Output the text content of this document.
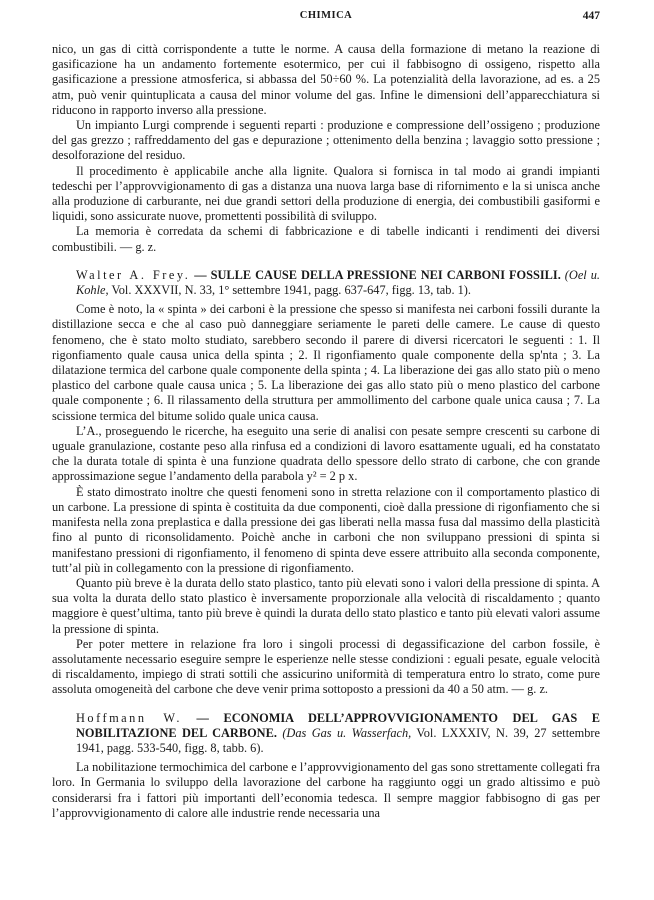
CHIMICA	447

nico, un gas di città corrispondente a tutte le norme. A causa della formazione di metano la reazione di gasificazione ha un andamento fortemente esotermico, per cui il fabbisogno di ossigeno, rispetto alla gasificazione a pressione atmosferica, si abbassa del 50÷60 %. La potenzialità della lavorazione, ad es. a 25 atm, può venir quintuplicata a causa del minor volume del gas. Infine le dimensioni dell’apparecchiatura si riducono in rapporto inverso alla pressione.

Un impianto Lurgi comprende i seguenti reparti : produzione e compressione dell’ossigeno ; produzione del gas grezzo ; raffreddamento del gas e depurazione ; ottenimento della benzina ; lavaggio sotto pressione ; desolforazione del residuo.

Il procedimento è applicabile anche alla lignite. Qualora si fornisca in tal modo ai grandi impianti tedeschi per l’approvvigionamento di gas a distanza una nuova larga base di rifornimento e la si unisca anche alla produzione di carburante, nei due grandi settori della produzione di energia, dei combustibili gasiformi e liquidi, sono assicurate nuove, promettenti possibilità di sviluppo.

La memoria è corredata da schemi di fabbricazione e di tabelle indicanti i rendimenti dei diversi combustibili. — g. z.

Walter A. Frey. — SULLE CAUSE DELLA PRESSIONE NEI CARBONI FOSSILI. (Oel u. Kohle, Vol. XXXVII, N. 33, 1° settembre 1941, pagg. 637-647, figg. 13, tab. 1).

Come è noto, la « spinta » dei carboni è la pressione che spesso si manifesta nei carboni fossili durante la distillazione secca e che al caso può danneggiare seriamente le pareti delle camere. Le cause di questo fenomeno, che è stato molto studiato, sarebbero secondo il parere di diversi ricercatori le seguenti : 1. Il rigonfiamento quale causa unica della spinta ; 2. Il rigonfiamento quale componente della sp'nta ; 3. La dilatazione termica del carbone quale componente della spinta ; 4. La liberazione dei gas allo stato più o meno plastico del carbone quale causa unica ; 5. La liberazione dei gas allo stato più o meno plastico del carbone quale componente ; 6. Il rilassamento della struttura per ammollimento del carbone quale unica causa ; 7. La scissione termica del bitume solido quale unica causa.

L’A., proseguendo le ricerche, ha eseguito una serie di analisi con pesate sempre crescenti su carbone di uguale granulazione, costante peso alla rinfusa ed a condizioni di lavoro esattamente uguali, ed ha constatato che la durata totale di spinta è una funzione quadrata dello spessore dello strato di carbone, che con grande approssimazione segue l’andamento della parabola y² = 2 p x.

È stato dimostrato inoltre che questi fenomeni sono in stretta relazione con il comportamento plastico di un carbone. La pressione di spinta è costituita da due componenti, cioè dalla pressione di rigonfiamento che si manifesta nella zona preplastica e dalla pressione dei gas liberati nella massa fusa dal massimo della plasticità fino al punto di riconsolidamento. Poichè anche in carboni che non sviluppano pressioni di spinta si manifestano pressioni di rigonfiamento, il fenomeno di spinta deve essere attribuito alla seconda componente, tutt’al più in collegamento con la pressione di rigonfiamento.

Quanto più breve è la durata dello stato plastico, tanto più elevati sono i valori della pressione di spinta. A sua volta la durata dello stato plastico è inversamente proporzionale alla velocità di riscaldamento ; quanto maggiore è quest’ultima, tanto più breve è quindi la durata dello stato plastico e tanto più elevati valori assume la pressione di spinta.

Per poter mettere in relazione fra loro i singoli processi di degassificazione del carbon fossile, è assolutamente necessario eseguire sempre le esperienze nelle stesse condizioni : eguali pesate, eguale velocità di riscaldamento, impiego di strati sottili che assicurino uniformità di temperatura entro lo strato, come pure assoluta omogeneità del carbone che deve venir prima sottoposto a pressioni da 40 a 50 atm. — g. z.

Hoffmann W. — ECONOMIA DELL’APPROVVIGIONAMENTO DEL GAS E NOBILITAZIONE DEL CARBONE. (Das Gas u. Wasserfach, Vol. LXXXIV, N. 39, 27 settembre 1941, pagg. 533-540, figg. 8, tabb. 6).

La nobilitazione termochimica del carbone e l’approvvigionamento del gas sono strettamente collegati fra loro. In Germania lo sviluppo della lavorazione del carbone ha raggiunto oggi un grado altissimo e può considerarsi fra i fattori più importanti dell’economia tedesca. Il sempre maggior fabbisogno di gas per l’approvvigionamento di calore alle industrie rende necessaria una
